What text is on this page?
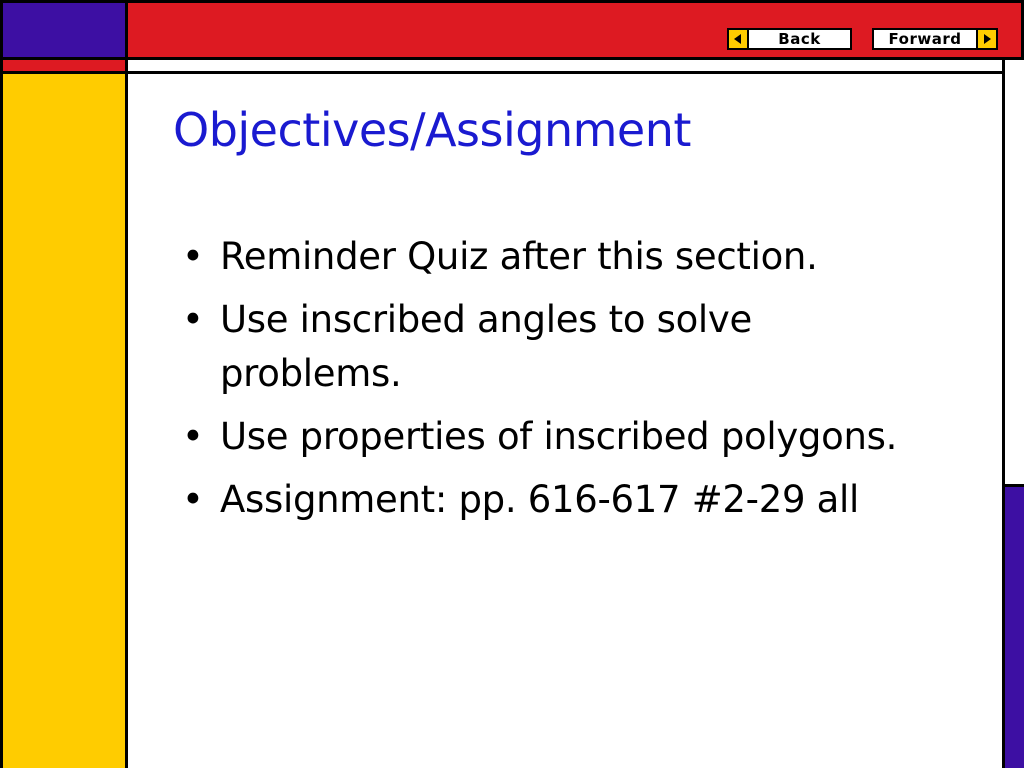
Back	Forward
Objectives/Assignment
• Reminder Quiz after this section.
• Use inscribed angles to solve problems.
• Use properties of inscribed polygons.
• Assignment: pp. 616-617 #2-29 all
